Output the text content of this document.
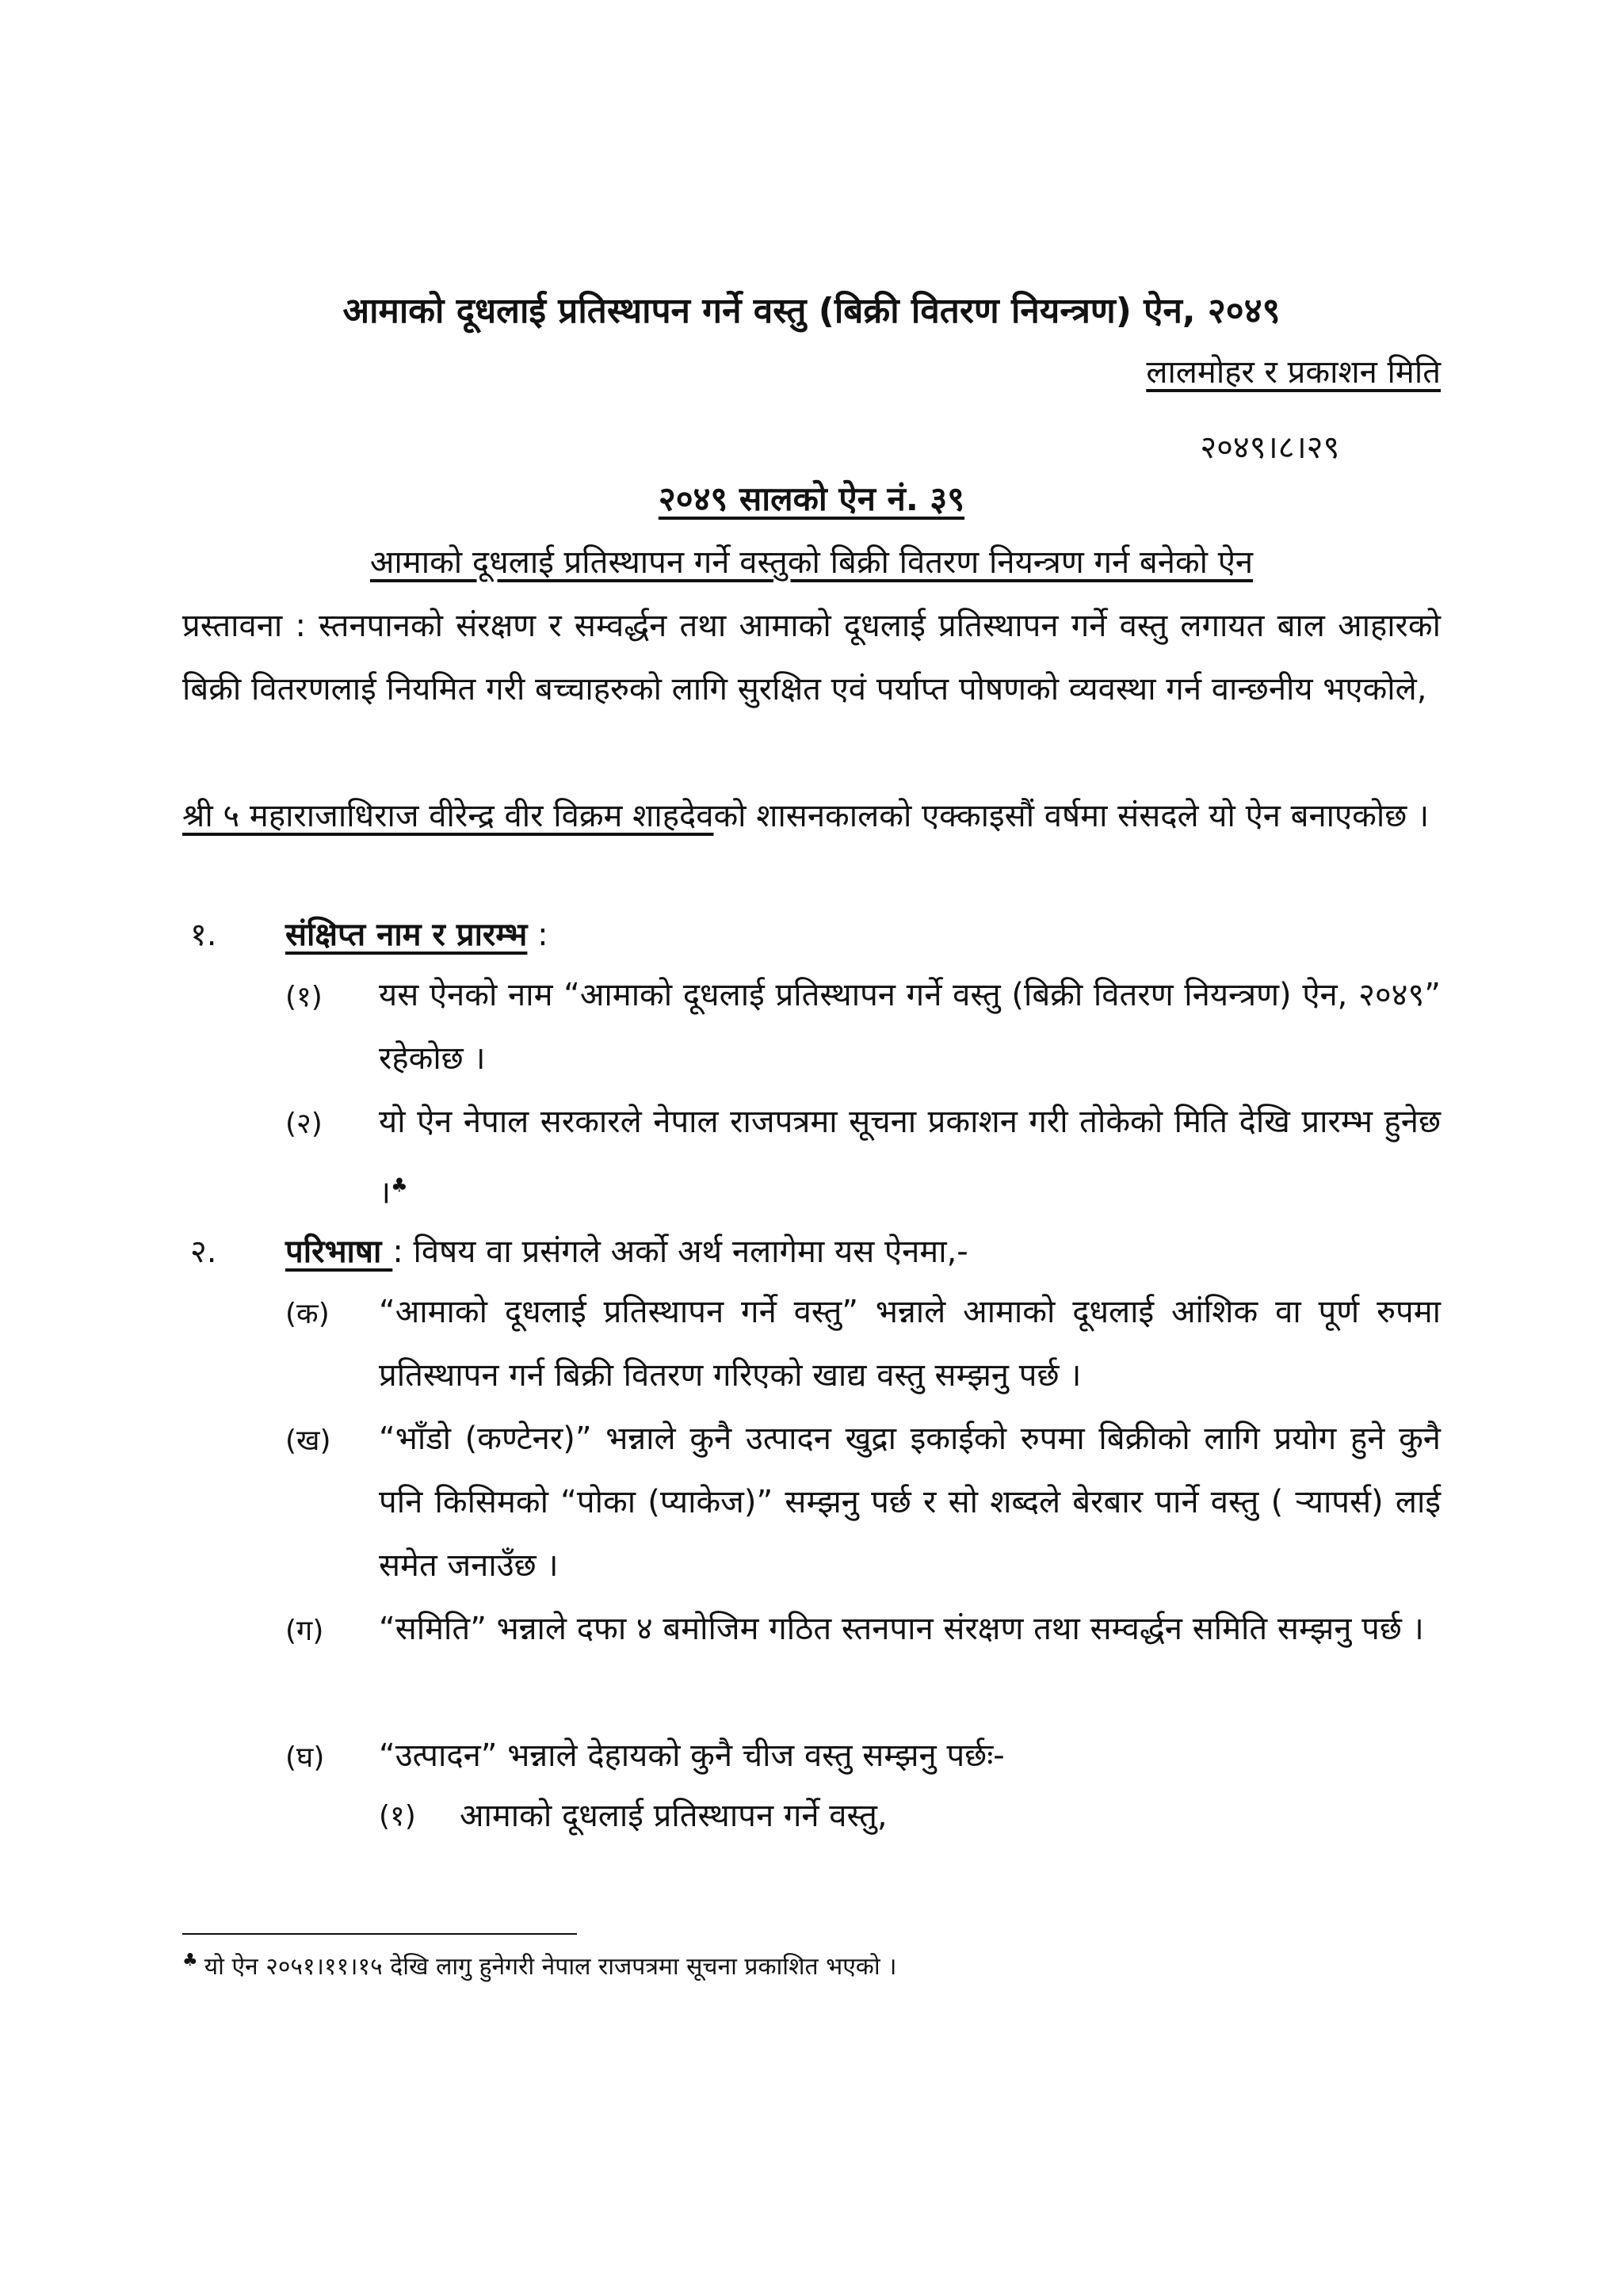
आमाको दूधलाई प्रतिस्थापन गर्ने वस्तु (बिक्री वितरण नियन्त्रण) ऐन, २०४९
लालमोहर र प्रकाशन मिति
२०४९।८।२९
२०४९ सालको ऐन नं. ३९
आमाको दूधलाई प्रतिस्थापन गर्ने वस्तुको बिक्री वितरण नियन्त्रण गर्न बनेको ऐन
प्रस्तावना : स्तनपानको संरक्षण र सम्वर्द्धन तथा आमाको दूधलाई प्रतिस्थापन गर्ने वस्तु लगायत बाल आहारको बिक्री वितरणलाई नियमित गरी बच्चाहरुको लागि सुरक्षित एवं पर्याप्त पोषणको व्यवस्था गर्न वान्छनीय भएकोले,
श्री ५ महाराजाधिराज वीरेन्द्र वीर विक्रम शाहदेवको शासनकालको एक्काइसौं वर्षमा संसदले यो ऐन बनाएकोछ ।
१. संक्षिप्त नाम र प्रारम्भ :
(१) यस ऐनको नाम “आमाको दूधलाई प्रतिस्थापन गर्ने वस्तु (बिक्री वितरण नियन्त्रण) ऐन, २०४९” रहेकोछ ।
(२) यो ऐन नेपाल सरकारले नेपाल राजपत्रमा सूचना प्रकाशन गरी तोकेको मिति देखि प्रारम्भ हुनेछ ।♣
२. परिभाषा : विषय वा प्रसंगले अर्को अर्थ नलागेमा यस ऐनमा,-
(क) “आमाको दूधलाई प्रतिस्थापन गर्ने वस्तु” भन्नाले आमाको दूधलाई आंशिक वा पूर्ण रुपमा प्रतिस्थापन गर्न बिक्री वितरण गरिएको खाद्य वस्तु सम्झनु पर्छ ।
(ख) “भाँडो (कण्टेनर)” भन्नाले कुनै उत्पादन खुद्रा इकाईको रुपमा बिक्रीको लागि प्रयोग हुने कुनै पनि किसिमको “पोका (प्याकेज)” सम्झनु पर्छ र सो शब्दले बेरबार पार्ने वस्तु ( र्‍यापर्स) लाई समेत जनाउँछ ।
(ग) “समिति” भन्नाले दफा ४ बमोजिम गठित स्तनपान संरक्षण तथा सम्वर्द्धन समिति सम्झनु पर्छ ।
(घ) “उत्पादन” भन्नाले देहायको कुनै चीज वस्तु सम्झनु पर्छः-
(१) आमाको दूधलाई प्रतिस्थापन गर्ने वस्तु,
♣ यो ऐन २०५१।११।१५ देखि लागु हुनेगरी नेपाल राजपत्रमा सूचना प्रकाशित भएको ।
